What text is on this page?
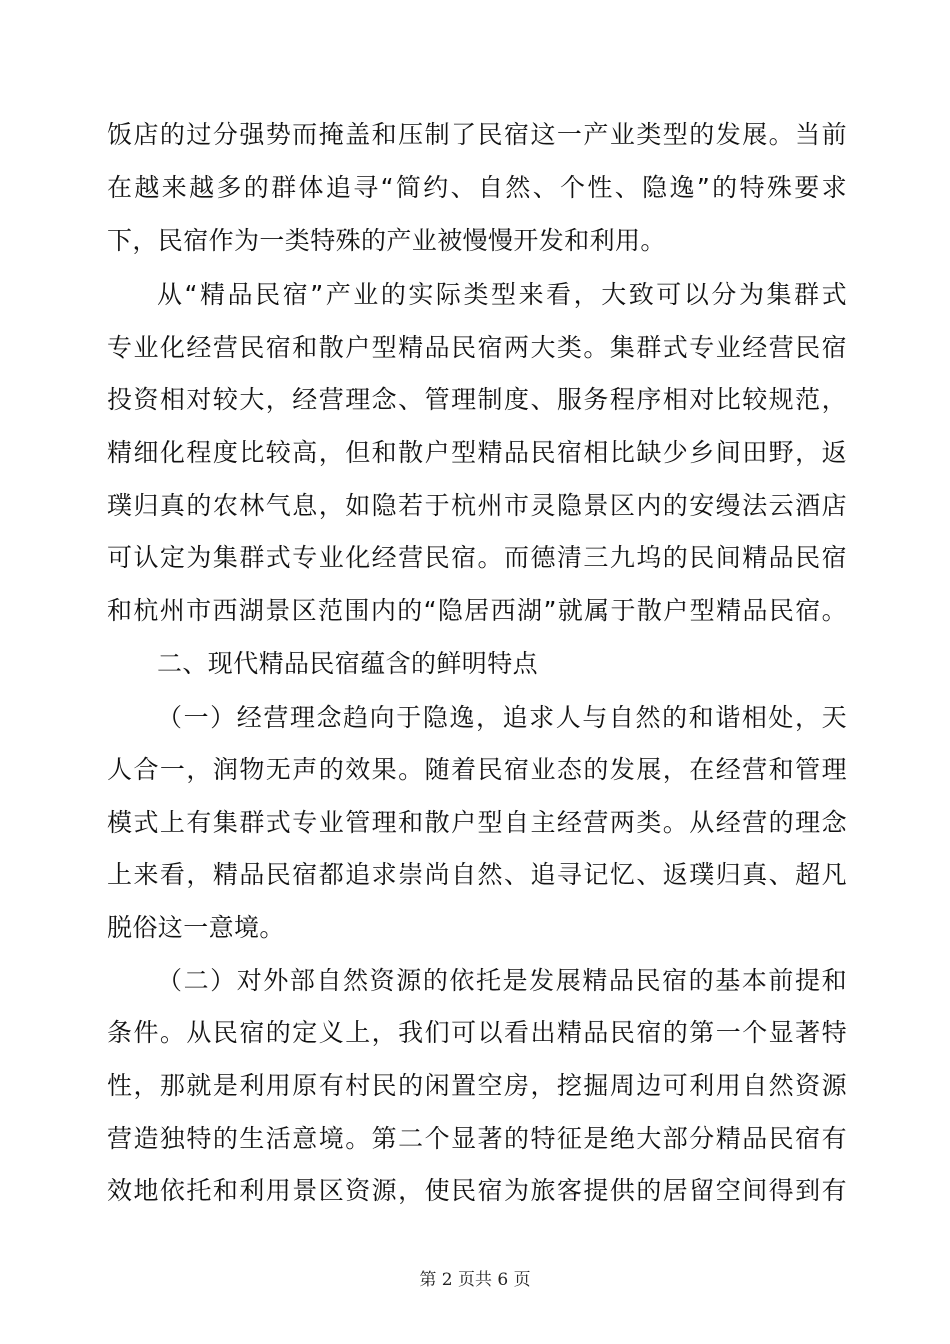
饭店的过分强势而掩盖和压制了民宿这一产业类型的发展。当前
在越来越多的群体追寻“简约、自然、个性、隐逸”的特殊要求
下，民宿作为一类特殊的产业被慢慢开发和利用。
从“精品民宿”产业的实际类型来看，大致可以分为集群式
专业化经营民宿和散户型精品民宿两大类。集群式专业经营民宿
投资相对较大，经营理念、管理制度、服务程序相对比较规范，
精细化程度比较高，但和散户型精品民宿相比缺少乡间田野，返
璞归真的农林气息，如隐若于杭州市灵隐景区内的安缦法云酒店
可认定为集群式专业化经营民宿。而德清三九坞的民间精品民宿
和杭州市西湖景区范围内的“隐居西湖”就属于散户型精品民宿。
二、现代精品民宿蕴含的鲜明特点
（一）经营理念趋向于隐逸，追求人与自然的和谐相处，天
人合一，润物无声的效果。随着民宿业态的发展，在经营和管理
模式上有集群式专业管理和散户型自主经营两类。从经营的理念
上来看，精品民宿都追求崇尚自然、追寻记忆、返璞归真、超凡
脱俗这一意境。
（二）对外部自然资源的依托是发展精品民宿的基本前提和
条件。从民宿的定义上，我们可以看出精品民宿的第一个显著特
性，那就是利用原有村民的闲置空房，挖掘周边可利用自然资源
营造独特的生活意境。第二个显著的特征是绝大部分精品民宿有
效地依托和利用景区资源，使民宿为旅客提供的居留空间得到有
第 2 页共 6 页
